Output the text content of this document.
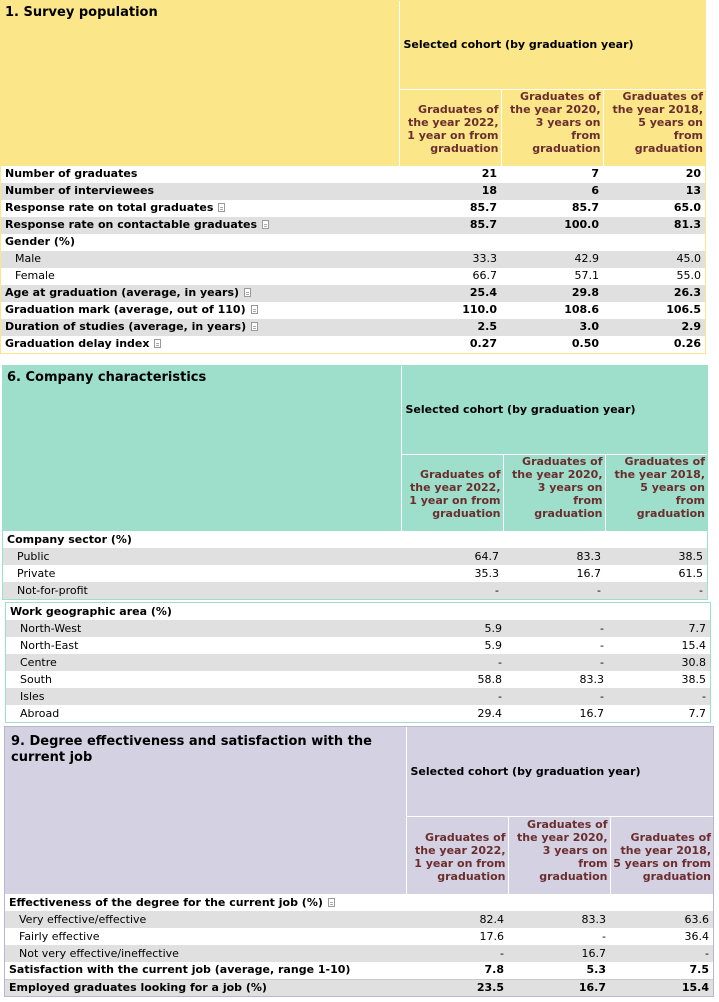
1. Survey population	Selected cohort (by graduation year)		
	Graduates of the year 2022, 1 year on from graduation	Graduates of the year 2020, 3 years on from graduation	Graduates of the year 2018, 5 years on from graduation
Number of graduates	21	7	20
Number of interviewees	18	6	13
Response rate on total graduates	85.7	85.7	65.0
Response rate on contactable graduates	85.7	100.0	81.3
Gender (%)			
Male	33.3	42.9	45.0
Female	66.7	57.1	55.0
Age at graduation (average, in years)	25.4	29.8	26.3
Graduation mark (average, out of 110)	110.0	108.6	106.5
Duration of studies (average, in years)	2.5	3.0	2.9
Graduation delay index	0.27	0.50	0.26
6. Company characteristics	Selected cohort (by graduation year)		
	Graduates of the year 2022, 1 year on from graduation	Graduates of the year 2020, 3 years on from graduation	Graduates of the year 2018, 5 years on from graduation
Company sector (%)			
Public	64.7	83.3	38.5
Private	35.3	16.7	61.5
Not-for-profit	-	-	-
Work geographic area (%)			
North-West	5.9	-	7.7
North-East	5.9	-	15.4
Centre	-	-	30.8
South	58.8	83.3	38.5
Isles	-	-	-
Abroad	29.4	16.7	7.7
9. Degree effectiveness and satisfaction with the current job	Selected cohort (by graduation year)		
	Graduates of the year 2022, 1 year on from graduation	Graduates of the year 2020, 3 years on from graduation	Graduates of the year 2018, 5 years on from graduation
Effectiveness of the degree for the current job (%)			
Very effective/effective	82.4	83.3	63.6
Fairly effective	17.6	-	36.4
Not very effective/ineffective	-	16.7	-
Satisfaction with the current job (average, range 1-10)	7.8	5.3	7.5
Employed graduates looking for a job (%)	23.5	16.7	15.4
